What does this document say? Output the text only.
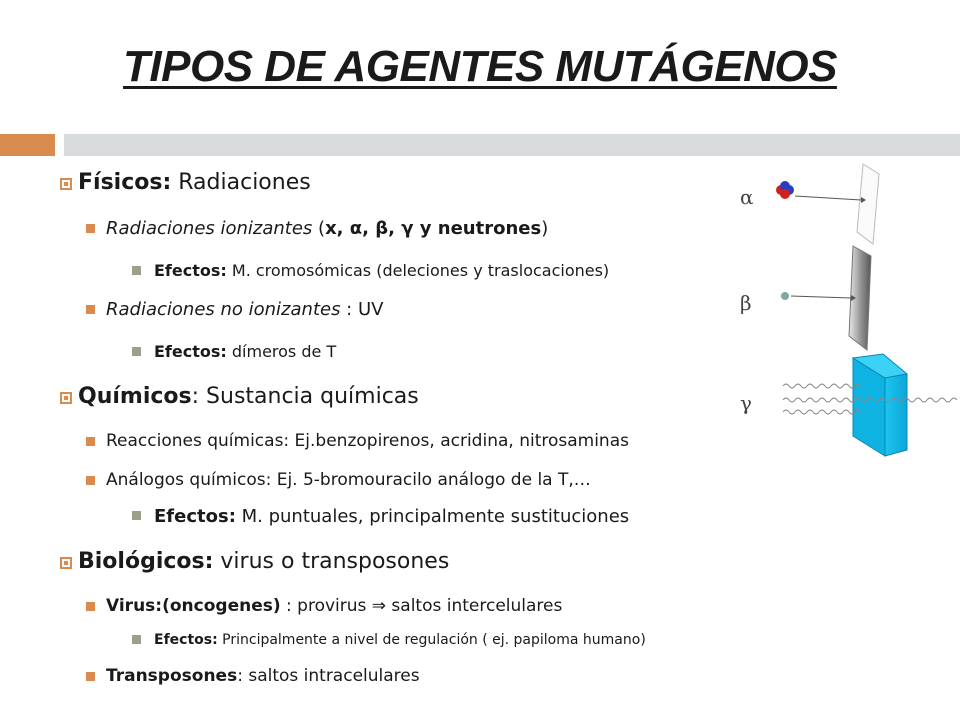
TIPOS DE AGENTES MUTÁGENOS
Físicos: Radiaciones
Radiaciones ionizantes (x, α, β, γ y neutrones)
Efectos: M. cromosómicas (deleciones y traslocaciones)
Radiaciones no ionizantes : UV
Efectos: dímeros de T
Químicos: Sustancia químicas
Reacciones químicas: Ej.benzopirenos, acridina, nitrosaminas
Análogos químicos: Ej. 5-bromouracilo análogo de la T,…
Efectos: M. puntuales, principalmente sustituciones
Biológicos: virus o transposones
Virus:(oncogenes) : provirus ⇒ saltos intercelulares
Efectos: Principalmente a nivel de regulación ( ej. papiloma humano)
Transposones: saltos intracelulares
α
β
γ
